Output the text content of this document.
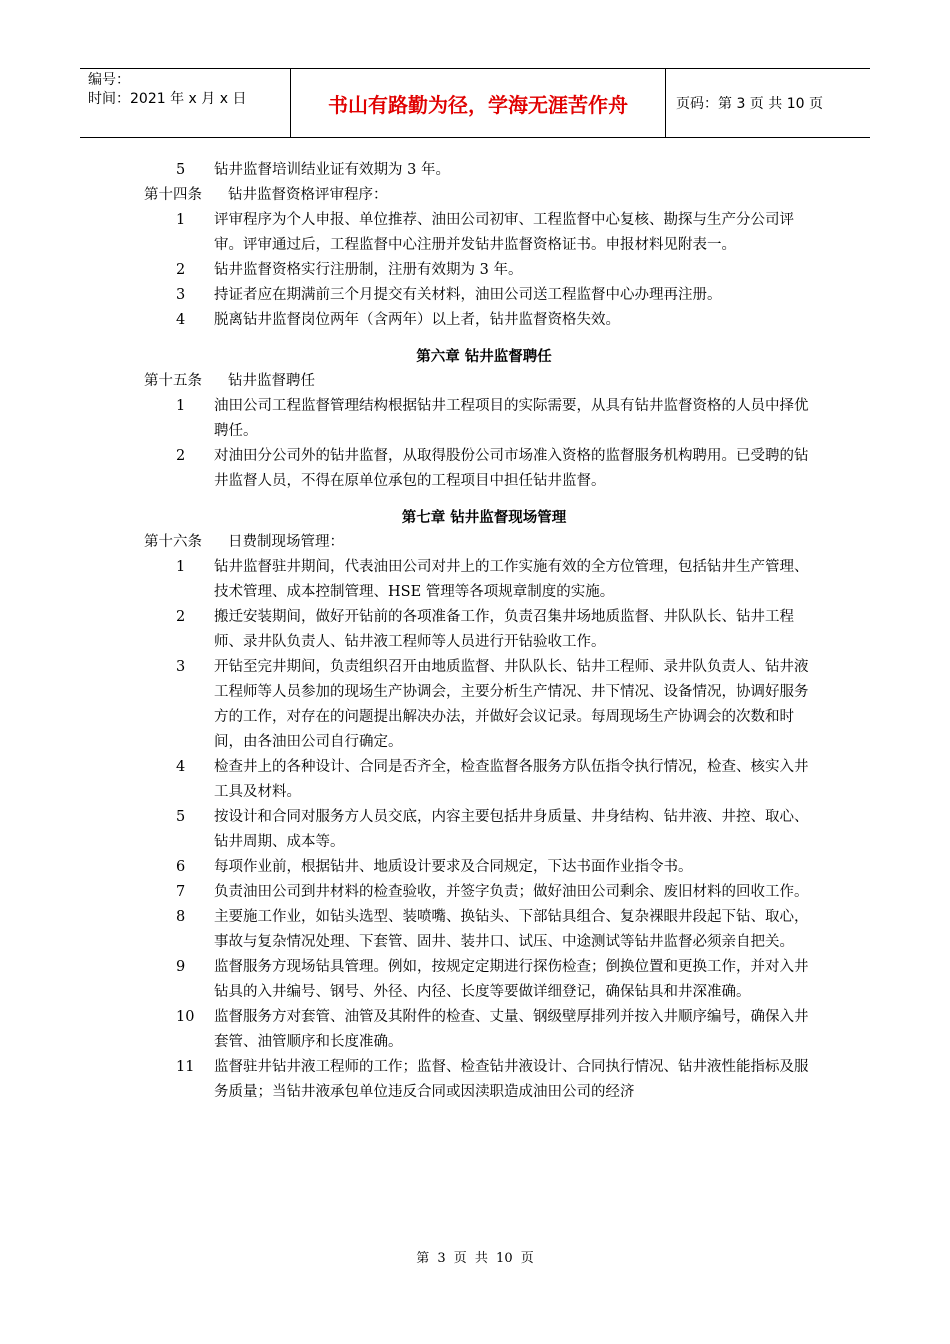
编号：
时间：2021 年 x 月 x 日	书山有路勤为径，学海无涯苦作舟	页码：第 3 页 共 10 页
5	钻井监督培训结业证有效期为 3 年。
第十四条	钻井监督资格评审程序：
1	评审程序为个人申报、单位推荐、油田公司初审、工程监督中心复核、勘探与生产分公司评审。评审通过后，工程监督中心注册并发钻井监督资格证书。申报材料见附表一。
2	钻井监督资格实行注册制，注册有效期为 3 年。
3	持证者应在期满前三个月提交有关材料，油田公司送工程监督中心办理再注册。
4	脱离钻井监督岗位两年（含两年）以上者，钻井监督资格失效。

第六章 钻井监督聘任

第十五条	钻井监督聘任
1	油田公司工程监督管理结构根据钻井工程项目的实际需要，从具有钻井监督资格的人员中择优聘任。
2	对油田分公司外的钻井监督，从取得股份公司市场准入资格的监督服务机构聘用。已受聘的钻井监督人员，不得在原单位承包的工程项目中担任钻井监督。

第七章 钻井监督现场管理

第十六条	日费制现场管理：
1	钻井监督驻井期间，代表油田公司对井上的工作实施有效的全方位管理，包括钻井生产管理、技术管理、成本控制管理、HSE 管理等各项规章制度的实施。
2	搬迁安装期间，做好开钻前的各项准备工作，负责召集井场地质监督、井队队长、钻井工程师、录井队负责人、钻井液工程师等人员进行开钻验收工作。
3	开钻至完井期间，负责组织召开由地质监督、井队队长、钻井工程师、录井队负责人、钻井液工程师等人员参加的现场生产协调会，主要分析生产情况、井下情况、设备情况，协调好服务方的工作，对存在的问题提出解决办法，并做好会议记录。每周现场生产协调会的次数和时间，由各油田公司自行确定。
4	检查井上的各种设计、合同是否齐全，检查监督各服务方队伍指令执行情况，检查、核实入井工具及材料。
5	按设计和合同对服务方人员交底，内容主要包括井身质量、井身结构、钻井液、井控、取心、钻井周期、成本等。
6	每项作业前，根据钻井、地质设计要求及合同规定，下达书面作业指令书。
7	负责油田公司到井材料的检查验收，并签字负责；做好油田公司剩余、废旧材料的回收工作。
8	主要施工作业，如钻头选型、装喷嘴、换钻头、下部钻具组合、复杂裸眼井段起下钻、取心，事故与复杂情况处理、下套管、固井、装井口、试压、中途测试等钻井监督必须亲自把关。
9	监督服务方现场钻具管理。例如，按规定定期进行探伤检查；倒换位置和更换工作，并对入井钻具的入井编号、钢号、外径、内径、长度等要做详细登记，确保钻具和井深准确。
10	监督服务方对套管、油管及其附件的检查、丈量、钢级壁厚排列并按入井顺序编号，确保入井套管、油管顺序和长度准确。
11	监督驻井钻井液工程师的工作；监督、检查钻井液设计、合同执行情况、钻井液性能指标及服务质量；当钻井液承包单位违反合同或因渎职造成油田公司的经济
第 3 页 共 10 页
